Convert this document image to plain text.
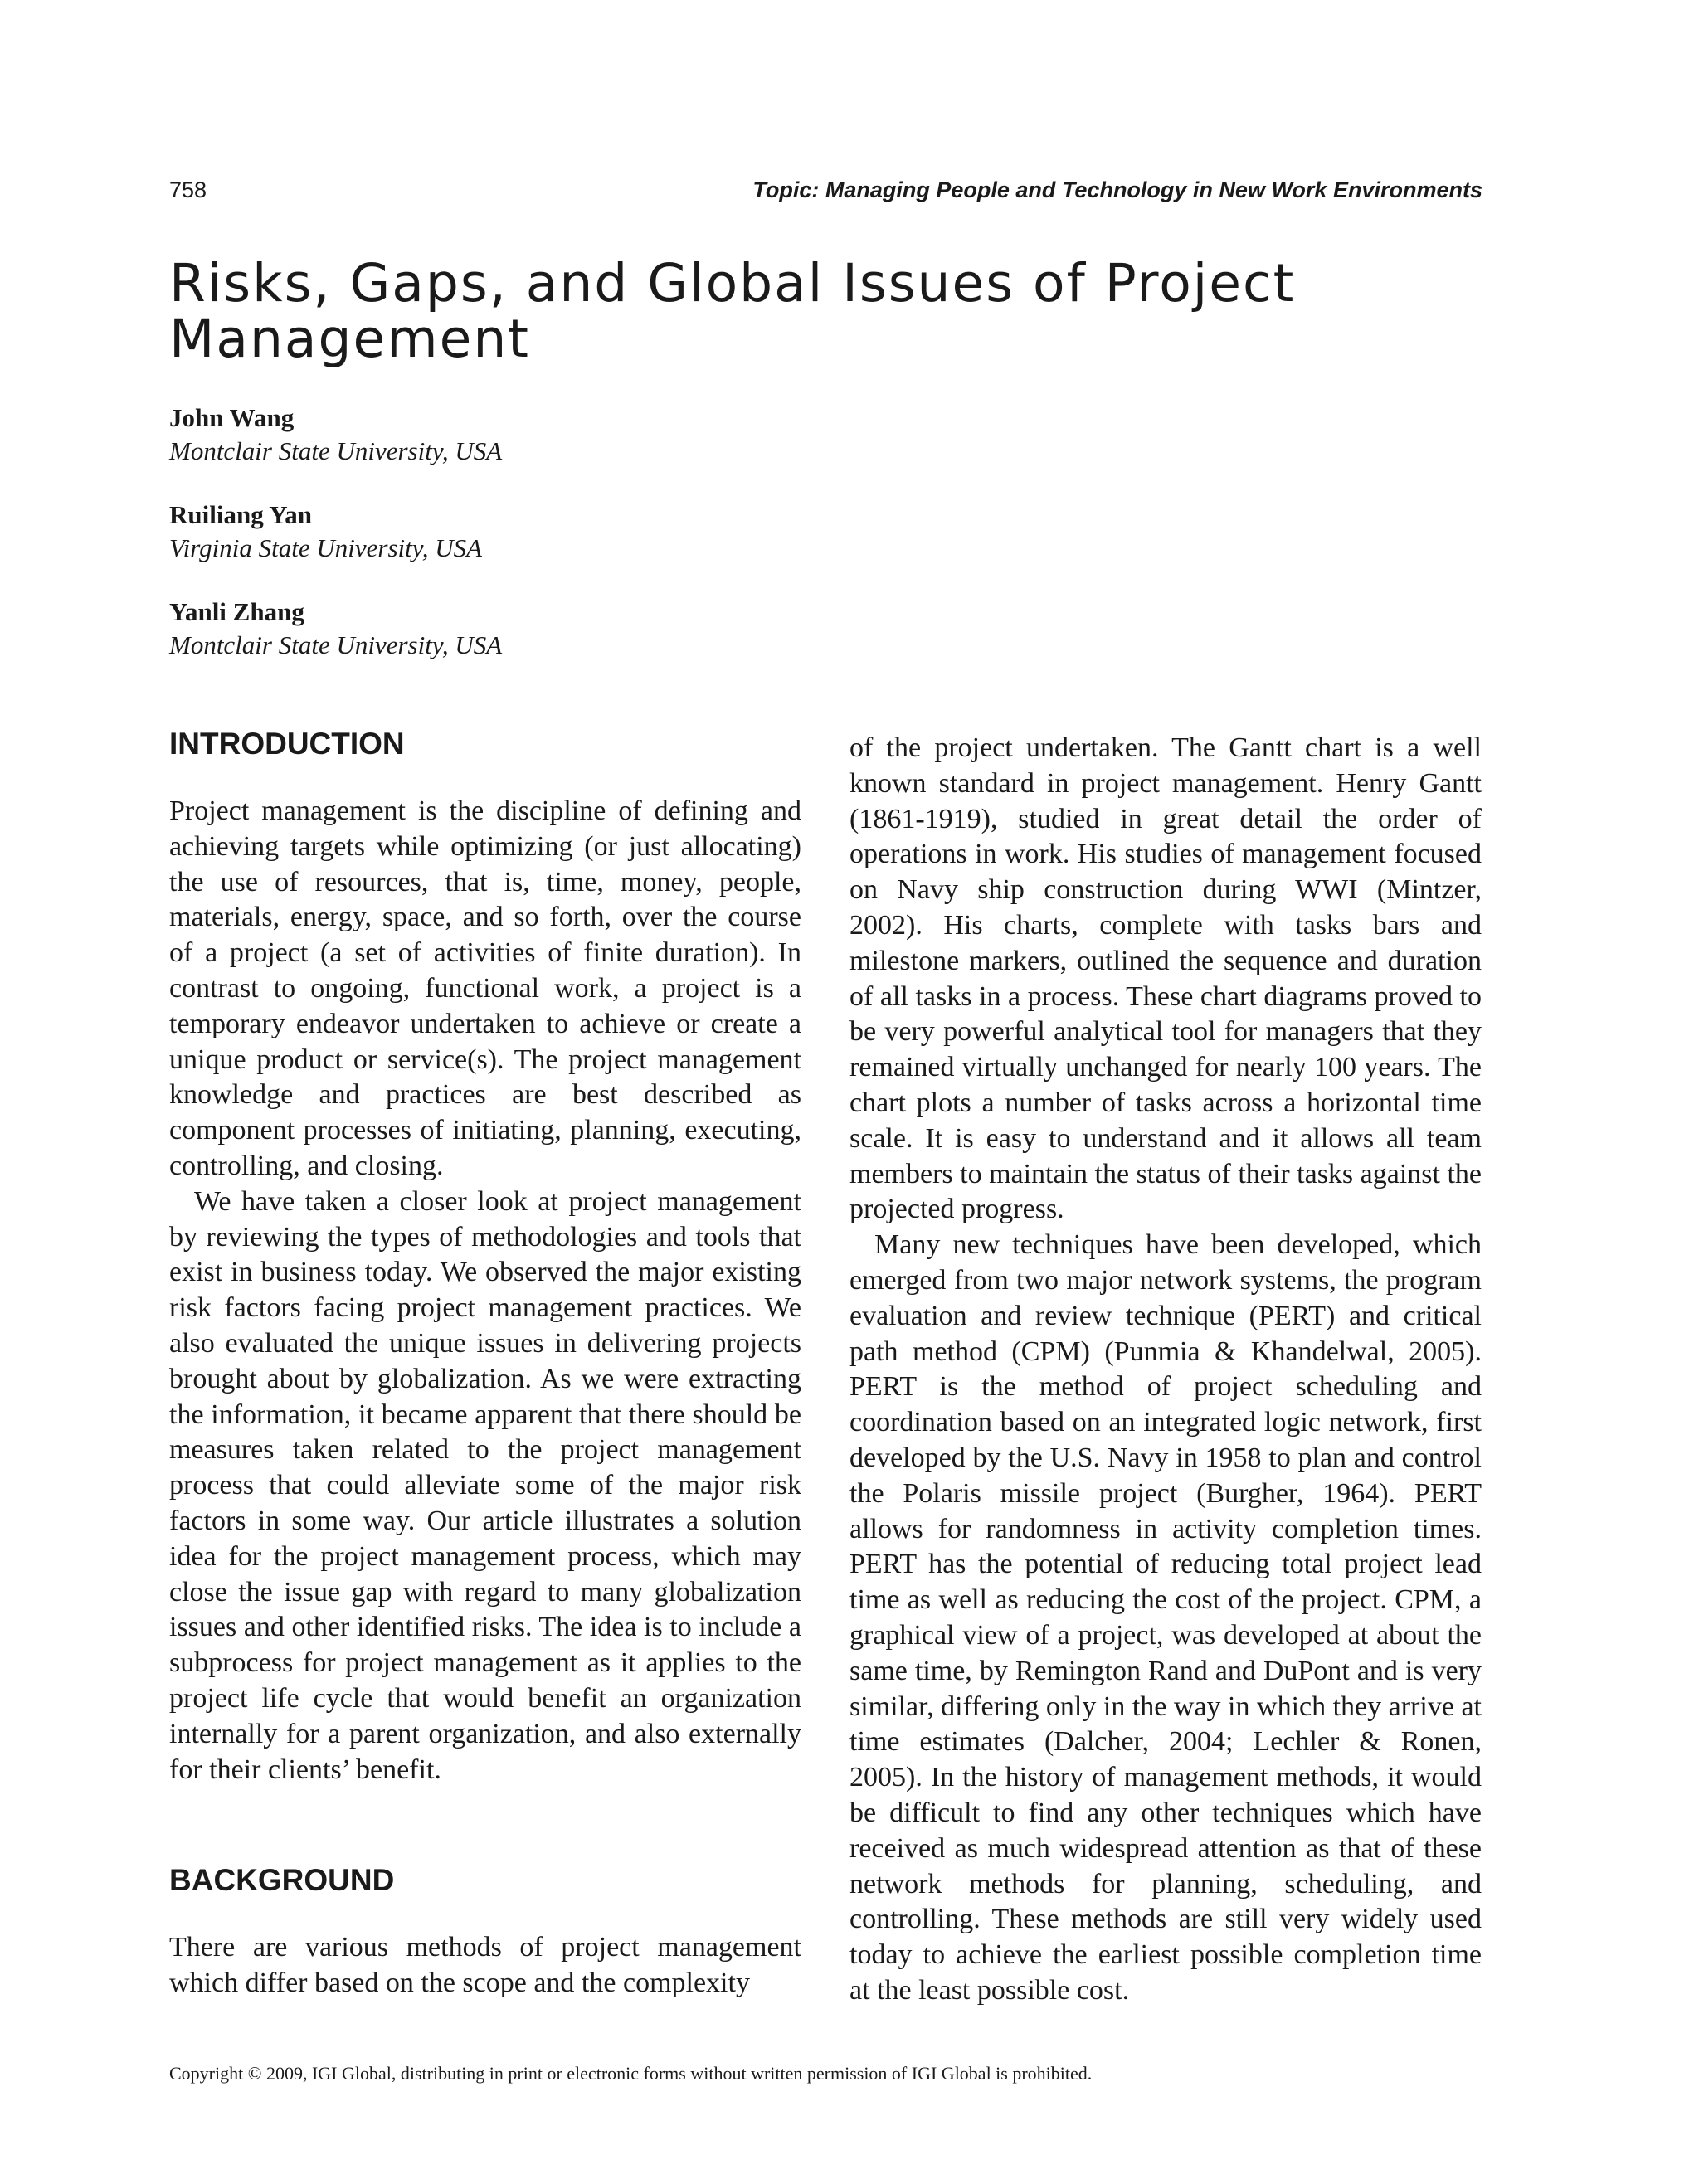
758	Topic: Managing People and Technology in New Work Environments
Risks, Gaps, and Global Issues of Project Management
John Wang
Montclair State University, USA
Ruiliang Yan
Virginia State University, USA
Yanli Zhang
Montclair State University, USA
INTRODUCTION

Project management is the discipline of defining and achieving targets while optimizing (or just allocating) the use of resources, that is, time, money, people, materials, energy, space, and so forth, over the course of a project (a set of activities of finite duration). In contrast to ongoing, functional work, a project is a temporary endeavor undertaken to achieve or create a unique product or service(s). The project management knowledge and practices are best described as component processes of initiating, planning, executing, controlling, and closing.

We have taken a closer look at project management by reviewing the types of methodologies and tools that exist in business today. We observed the major existing risk factors facing project management practices. We also evaluated the unique issues in delivering projects brought about by globalization. As we were extracting the information, it became apparent that there should be measures taken related to the project management process that could alleviate some of the major risk factors in some way. Our article illustrates a solution idea for the project management process, which may close the issue gap with regard to many globalization issues and other identified risks. The idea is to include a subprocess for project management as it applies to the project life cycle that would benefit an organization internally for a parent organization, and also externally for their clients’ benefit.

BACKGROUND

There are various methods of project management which differ based on the scope and the complexity

of the project undertaken. The Gantt chart is a well known standard in project management. Henry Gantt (1861-1919), studied in great detail the order of operations in work. His studies of management focused on Navy ship construction during WWI (Mintzer, 2002). His charts, complete with tasks bars and milestone markers, outlined the sequence and duration of all tasks in a process. These chart diagrams proved to be very powerful analytical tool for managers that they remained virtually unchanged for nearly 100 years. The chart plots a number of tasks across a horizontal time scale. It is easy to understand and it allows all team members to maintain the status of their tasks against the projected progress.

Many new techniques have been developed, which emerged from two major network systems, the program evaluation and review technique (PERT) and critical path method (CPM) (Punmia & Khandelwal, 2005). PERT is the method of project scheduling and coordination based on an integrated logic network, first developed by the U.S. Navy in 1958 to plan and control the Polaris missile project (Burgher, 1964). PERT allows for randomness in activity completion times. PERT has the potential of reducing total project lead time as well as reducing the cost of the project. CPM, a graphical view of a project, was developed at about the same time, by Remington Rand and DuPont and is very similar, differing only in the way in which they arrive at time estimates (Dalcher, 2004; Lechler & Ronen, 2005). In the history of management methods, it would be difficult to find any other techniques which have received as much widespread attention as that of these network methods for planning, scheduling, and controlling. These methods are still very widely used today to achieve the earliest possible completion time at the least possible cost.

Copyright © 2009, IGI Global, distributing in print or electronic forms without written permission of IGI Global is prohibited.
